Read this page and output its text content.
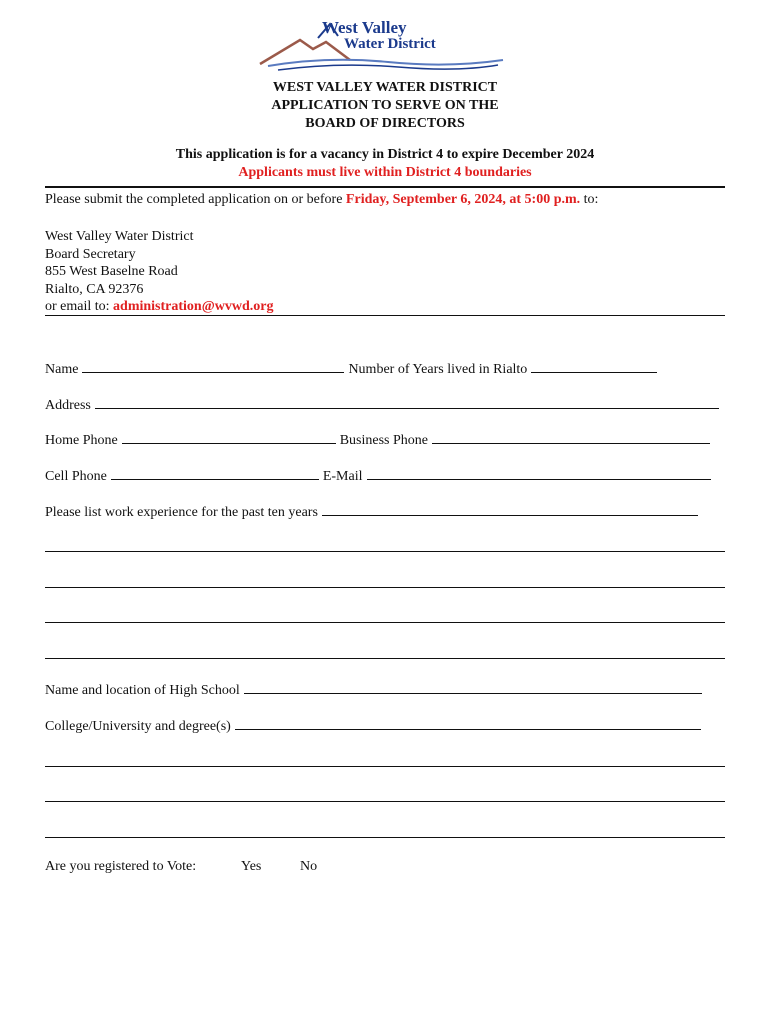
West Valley
Water District
WEST VALLEY WATER DISTRICT
APPLICATION TO SERVE ON THE
BOARD OF DIRECTORS
This application is for a vacancy in District 4 to expire December 2024
Applicants must live within District 4 boundaries
Please submit the completed application on or before Friday, September 6, 2024, at 5:00 p.m. to:
West Valley Water District
Board Secretary
855 West Baselne Road
Rialto, CA 92376
or email to: administration@wvwd.org
Name	Number of Years lived in Rialto
Address
Home Phone	Business Phone
Cell Phone	E-Mail
Please list work experience for the past ten years
Name and location of High School
College/University and degree(s)
Are you registered to Vote:	Yes	No
